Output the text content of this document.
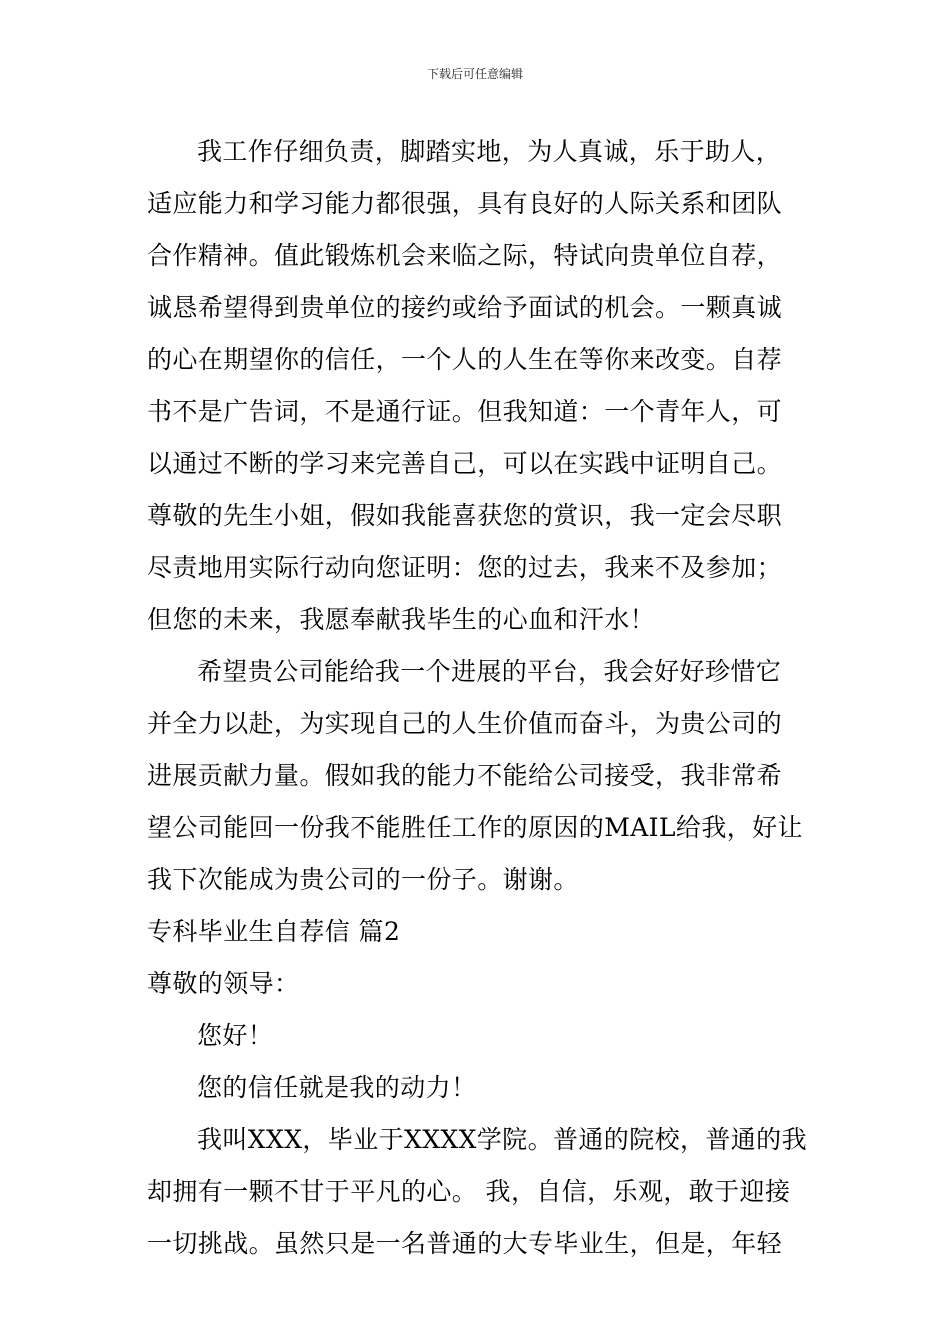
下载后可任意编辑
我工作仔细负责，脚踏实地，为人真诚，乐于助人，
适应能力和学习能力都很强，具有良好的人际关系和团队
合作精神。值此锻炼机会来临之际，特试向贵单位自荐，
诚恳希望得到贵单位的接约或给予面试的机会。一颗真诚
的心在期望你的信任，一个人的人生在等你来改变。自荐
书不是广告词，不是通行证。但我知道：一个青年人，可
以通过不断的学习来完善自己，可以在实践中证明自己。
尊敬的先生小姐，假如我能喜获您的赏识，我一定会尽职
尽责地用实际行动向您证明：您的过去，我来不及参加；
但您的未来，我愿奉献我毕生的心血和汗水！
希望贵公司能给我一个进展的平台，我会好好珍惜它
并全力以赴，为实现自己的人生价值而奋斗，为贵公司的
进展贡献力量。假如我的能力不能给公司接受，我非常希
望公司能回一份我不能胜任工作的原因的MAIL给我，好让
我下次能成为贵公司的一份子。谢谢。
专科毕业生自荐信 篇2
尊敬的领导：
您好！
您的信任就是我的动力！
我叫XXX，毕业于XXXX学院。普通的院校，普通的我
却拥有一颗不甘于平凡的心。 我，自信，乐观，敢于迎接
一切挑战。虽然只是一名普通的大专毕业生，但是，年轻
